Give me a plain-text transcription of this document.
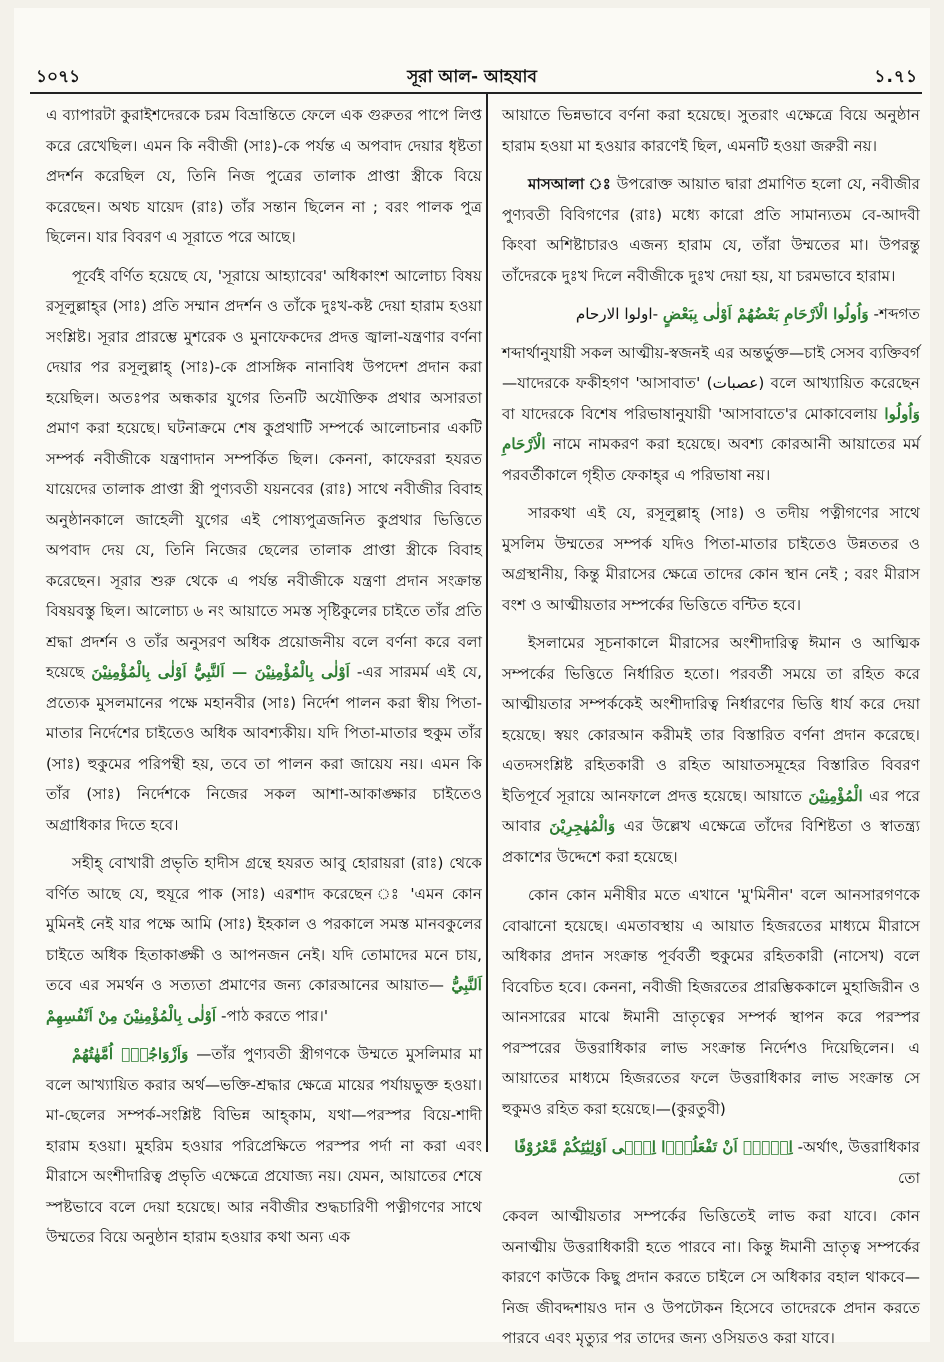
১০৭১	সূরা আল- আহযাব	১.৭১

এ ব্যাপারটা কুরাইশদেরকে চরম বিভ্রান্তিতে ফেলে এক গুরুতর পাপে লিপ্ত করে রেখেছিল। এমন কি নবীজী (সাঃ)-কে পর্যন্ত এ অপবাদ দেয়ার ধৃষ্টতা প্রদর্শন করেছিল যে, তিনি নিজ পুত্রের তালাক প্রাপ্তা স্ত্রীকে বিয়ে করেছেন। অথচ যায়েদ (রাঃ) তাঁর সন্তান ছিলেন না ; বরং পালক পুত্র ছিলেন। যার বিবরণ এ সূরাতে পরে আছে।

পূর্বেই বর্ণিত হয়েছে যে, 'সূরায়ে আহ্যাবের' অধিকাংশ আলোচ্য বিষয় রসূলুল্লাহ্‌র (সাঃ) প্রতি সম্মান প্রদর্শন ও তাঁকে দুঃখ-কষ্ট দেয়া হারাম হওয়া সংশ্লিষ্ট। সূরার প্রারম্ভে মুশরেক ও মুনাফেকদের প্রদত্ত জ্বালা-যন্ত্রণার বর্ণনা দেয়ার পর রসূলুল্লাহ্ (সাঃ)-কে প্রাসঙ্গিক নানাবিধ উপদেশ প্রদান করা হয়েছিল। অতঃপর অন্ধকার যুগের তিনটি অযৌক্তিক প্রথার অসারতা প্রমাণ করা হয়েছে। ঘটনাক্রমে শেষ কুপ্রথাটি সম্পর্কে আলোচনার একটি সম্পর্ক নবীজীকে যন্ত্রণাদান সম্পর্কিত ছিল। কেননা, কাফেররা হযরত যায়েদের তালাক প্রাপ্তা স্ত্রী পুণ্যবতী যয়নবের (রাঃ) সাথে নবীজীর বিবাহ অনুষ্ঠানকালে জাহেলী যুগের এই পোষ্যপুত্রজনিত কুপ্রথার ভিত্তিতে অপবাদ দেয় যে, তিনি নিজের ছেলের তালাক প্রাপ্তা স্ত্রীকে বিবাহ করেছেন। সূরার শুরু থেকে এ পর্যন্ত নবীজীকে যন্ত্রণা প্রদান সংক্রান্ত বিষয়বস্তু ছিল। আলোচ্য ৬ নং আয়াতে সমস্ত সৃষ্টিকুলের চাইতে তাঁর প্রতি শ্রদ্ধা প্রদর্শন ও তাঁর অনুসরণ অধিক প্রয়োজনীয় বলে বর্ণনা করে বলা হয়েছে اَوْلٰى بِالْمُؤْمِنِيْنَ — اَلنَّبِيُّ اَوْلٰى بِالْمُؤْمِنِيْنَ -এর সারমর্ম এই যে, প্রত্যেক মুসলমানের পক্ষে মহানবীর (সাঃ) নির্দেশ পালন করা স্বীয় পিতা-মাতার নির্দেশের চাইতেও অধিক আবশ্যকীয়। যদি পিতা-মাতার হুকুম তাঁর (সাঃ) হুকুমের পরিপন্থী হয়, তবে তা পালন করা জায়েয নয়। এমন কি তাঁর (সাঃ) নির্দেশকে নিজের সকল আশা-আকাঙ্ক্ষার চাইতেও অগ্রাধিকার দিতে হবে।

সহীহ্ বোখারী প্রভৃতি হাদীস গ্রন্থে হযরত আবু হোরায়রা (রাঃ) থেকে বর্ণিত আছে যে, হুযূরে পাক (সাঃ) এরশাদ করেছেন ঃ 'এমন কোন মুমিনই নেই যার পক্ষে আমি (সাঃ) ইহকাল ও পরকালে সমস্ত মানবকুলের চাইতে অধিক হিতাকাঙ্ক্ষী ও আপনজন নেই। যদি তোমাদের মনে চায়, তবে এর সমর্থন ও সত্যতা প্রমাণের জন্য কোরআনের আয়াত— اَلنَّبِيُّ اَوْلٰى بِالْمُؤْمِنِيْنَ مِنْ اَنْفُسِهِمْ -পাঠ করতে পার।'

وَاَزْوَاجُهٗۤ اُمَّهٰتُهُمْ —তাঁর পুণ্যবতী স্ত্রীগণকে উম্মতে মুসলিমার মা বলে আখ্যায়িত করার অর্থ—ভক্তি-শ্রদ্ধার ক্ষেত্রে মায়ের পর্যায়ভুক্ত হওয়া। মা-ছেলের সম্পর্ক-সংশ্লিষ্ট বিভিন্ন আহ্‌কাম, যথা—পরস্পর বিয়ে-শাদী হারাম হওয়া। মুহরিম হওয়ার পরিপ্রেক্ষিতে পরস্পর পর্দা না করা এবং মীরাসে অংশীদারিত্ব প্রভৃতি এক্ষেত্রে প্রযোজ্য নয়। যেমন, আয়াতের শেষে স্পষ্টভাবে বলে দেয়া হয়েছে। আর নবীজীর শুদ্ধচারিণী পত্নীগণের সাথে উম্মতের বিয়ে অনুষ্ঠান হারাম হওয়ার কথা অন্য এক

আয়াতে ভিন্নভাবে বর্ণনা করা হয়েছে। সুতরাং এক্ষেত্রে বিয়ে অনুষ্ঠান হারাম হওয়া মা হওয়ার কারণেই ছিল, এমনটি হওয়া জরুরী নয়।

মাসআলা ঃ উপরোক্ত আয়াত দ্বারা প্রমাণিত হলো যে, নবীজীর পুণ্যবতী বিবিগণের (রাঃ) মধ্যে কারো প্রতি সামান্যতম বে-আদবী কিংবা অশিষ্টাচারও এজন্য হারাম যে, তাঁরা উম্মতের মা। উপরন্তু তাঁদেরকে দুঃখ দিলে নবীজীকে দুঃখ দেয়া হয়, যা চরমভাবে হারাম।

وَاُولُوا الْاَرْحَامِ بَعْضُهُمْ اَوْلٰى بِبَعْضٍ -اولوا الارحام -শব্দগত

শব্দার্থানুযায়ী সকল আত্মীয়-স্বজনই এর অন্তর্ভুক্ত—চাই সেসব ব্যক্তিবর্গ—যাদেরকে ফকীহগণ 'আসাবাত' (عصبات) বলে আখ্যায়িত করেছেন বা যাদেরকে বিশেষ পরিভাষানুযায়ী 'আসাবাতে'র মোকাবেলায় وَاُولُوا الْاَرْحَامِ নামে নামকরণ করা হয়েছে। অবশ্য কোরআনী আয়াতের মর্ম পরবর্তীকালে গৃহীত ফেকাহ্‌র এ পরিভাষা নয়।

সারকথা এই যে, রসূলুল্লাহ্ (সাঃ) ও তদীয় পত্নীগণের সাথে মুসলিম উম্মতের সম্পর্ক যদিও পিতা-মাতার চাইতেও উন্নততর ও অগ্রস্থানীয়, কিন্তু মীরাসের ক্ষেত্রে তাদের কোন স্থান নেই ; বরং মীরাস বংশ ও আত্মীয়তার সম্পর্কের ভিত্তিতে বন্টিত হবে।

ইসলামের সূচনাকালে মীরাসের অংশীদারিত্ব ঈমান ও আত্মিক সম্পর্কের ভিত্তিতে নির্ধারিত হতো। পরবর্তী সময়ে তা রহিত করে আত্মীয়তার সম্পর্ককেই অংশীদারিত্ব নির্ধারণের ভিত্তি ধার্য করে দেয়া হয়েছে। স্বয়ং কোরআন করীমই তার বিস্তারিত বর্ণনা প্রদান করেছে। এতদসংশ্লিষ্ট রহিতকারী ও রহিত আয়াতসমূহের বিস্তারিত বিবরণ ইতিপূর্বে সূরায়ে আনফালে প্রদত্ত হয়েছে। আয়াতে الْمُؤْمِنِيْنَ এর পরে আবার وَالْمُهٰجِرِيْنَ এর উল্লেখ এক্ষেত্রে তাঁদের বিশিষ্টতা ও স্বাতন্ত্র্য প্রকাশের উদ্দেশে করা হয়েছে।

কোন কোন মনীষীর মতে এখানে 'মু'মিনীন' বলে আনসারগণকে বোঝানো হয়েছে। এমতাবস্থায় এ আয়াত হিজরতের মাধ্যমে মীরাসে অধিকার প্রদান সংক্রান্ত পূর্ববর্তী হুকুমের রহিতকারী (নাসেখ) বলে বিবেচিত হবে। কেননা, নবীজী হিজরতের প্রারম্ভিককালে মুহাজিরীন ও আনসারের মাঝে ঈমানী ভ্রাতৃত্বের সম্পর্ক স্থাপন করে পরস্পর পরস্পরের উত্তরাধিকার লাভ সংক্রান্ত নির্দেশও দিয়েছিলেন। এ আয়াতের মাধ্যমে হিজরতের ফলে উত্তরাধিকার লাভ সংক্রান্ত সে হুকুমও রহিত করা হয়েছে।—(কুরতুবী)

اِلَّاۤ اَنْ تَفْعَلُوْۤا اِلٰۤى اَوْلِيٰٓئِكُمْ مَّعْرُوْفًا -অর্থাৎ, উত্তরাধিকার তো

কেবল আত্মীয়তার সম্পর্কের ভিত্তিতেই লাভ করা যাবে। কোন অনাত্মীয় উত্তরাধিকারী হতে পারবে না। কিন্তু ঈমানী ভ্রাতৃত্ব সম্পর্কের কারণে কাউকে কিছু প্রদান করতে চাইলে সে অধিকার বহাল থাকবে—নিজ জীবদ্দশায়ও দান ও উপঢৌকন হিসেবে তাদেরকে প্রদান করতে পারবে এবং মৃত্যুর পর তাদের জন্য ওসিয়তও করা যাবে।
